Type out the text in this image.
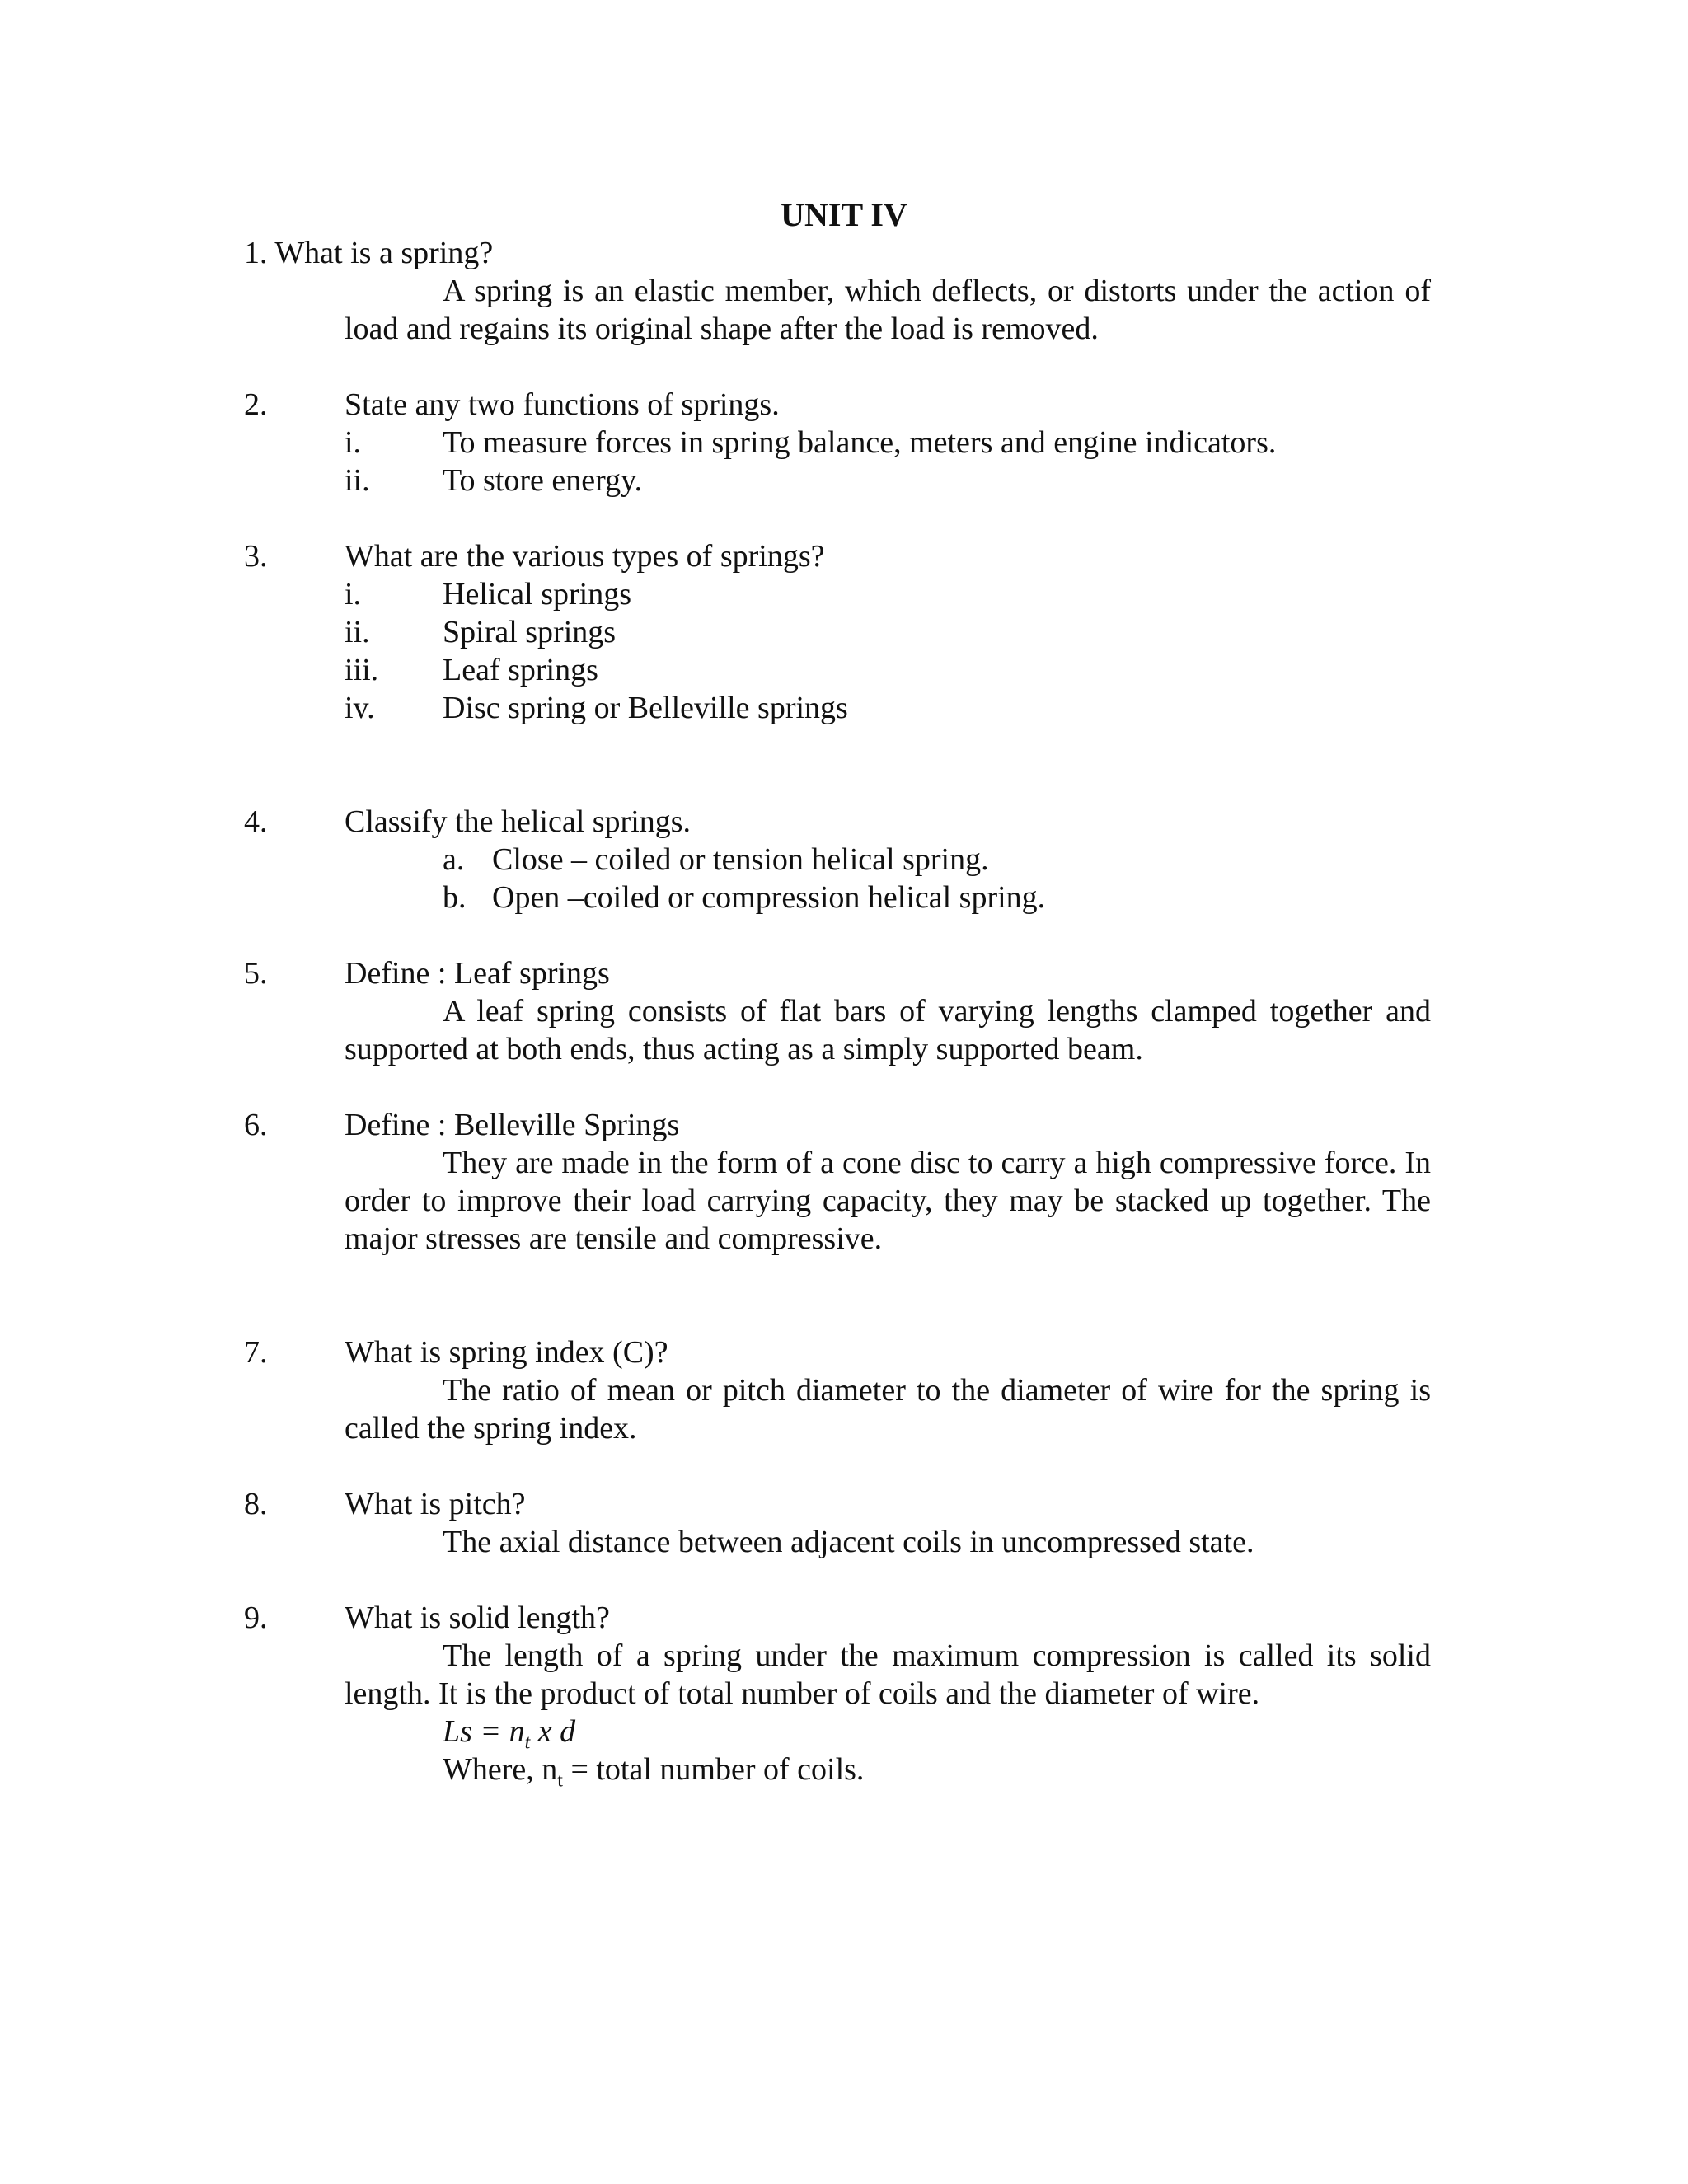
UNIT IV
1. What is a spring?
A spring is an elastic member, which deflects, or distorts under the action of load and regains its original shape after the load is removed.
2. State any two functions of springs.
i.	To measure forces in spring balance, meters and engine indicators.
ii. To store energy.
3. What are the various types of springs?
i.	Helical springs
ii. Spiral springs
iii. Leaf springs
iv. Disc spring or Belleville springs
4. Classify the helical springs.
a. Close – coiled or tension helical spring.
b. Open –coiled or compression helical spring.
5. Define : Leaf springs
A leaf spring consists of flat bars of varying lengths clamped together and supported at both ends, thus acting as a simply supported beam.
6. Define : Belleville Springs
They are made in the form of a cone disc to carry a high compressive force. In order to improve their load carrying capacity, they may be stacked up together. The major stresses are tensile and compressive.
7. What is spring index (C)?
The ratio of mean or pitch diameter to the diameter of wire for the spring is called the spring index.
8. What is pitch?
The axial distance between adjacent coils in uncompressed state.
9. What is solid length?
The length of a spring under the maximum compression is called its solid length. It is the product of total number of coils and the diameter of wire.
$Ls = n_t$ x d
Where, $n_t$ = total number of coils.
